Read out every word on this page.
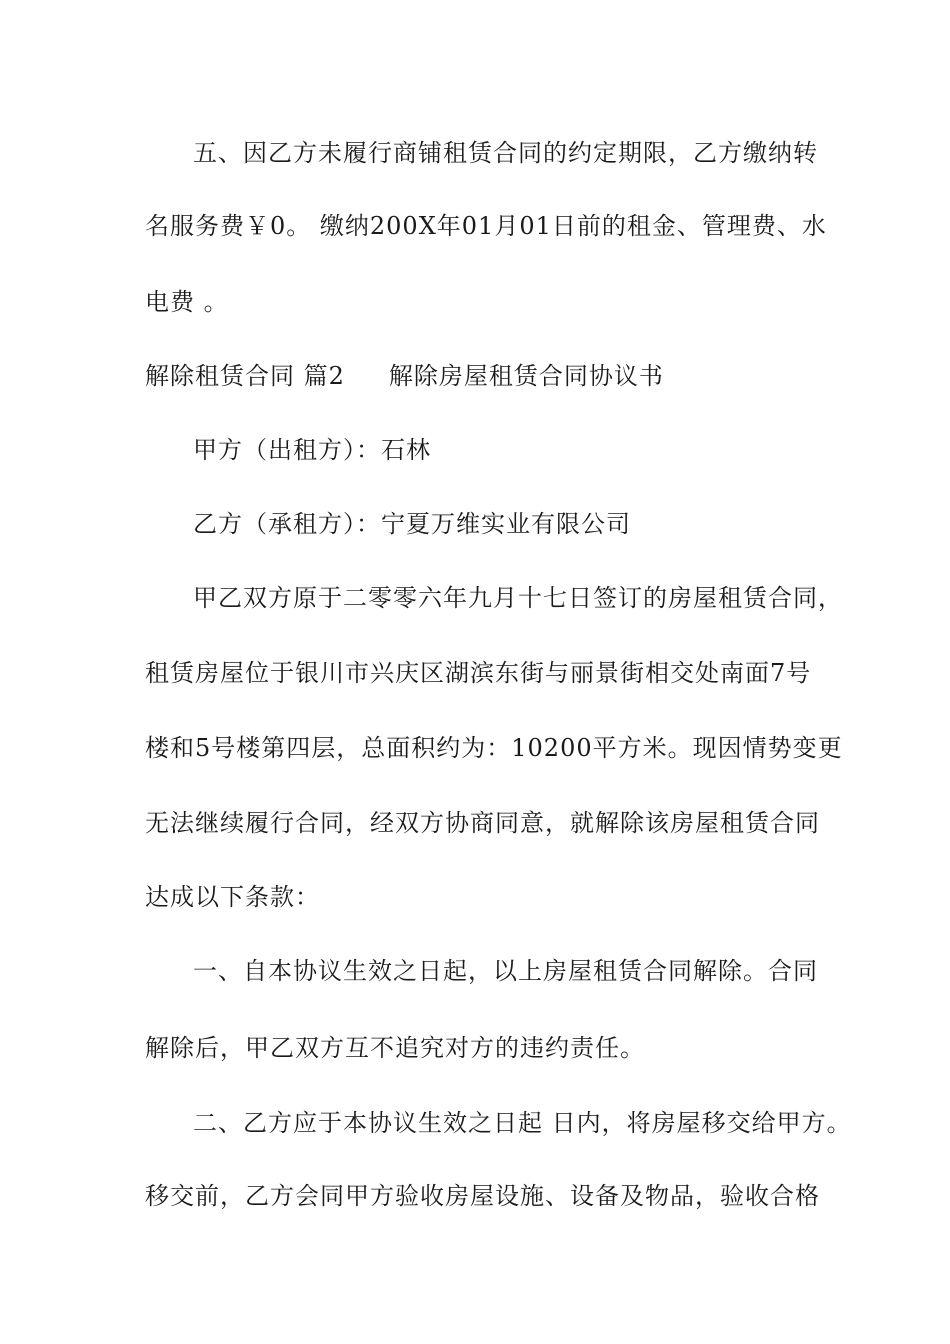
五、因乙方未履行商铺租赁合同的约定期限，乙方缴纳转
名服务费￥0。 缴纳200X年01月01日前的租金、管理费、水
电费 。
解除租赁合同 篇2 解除房屋租赁合同协议书
甲方（出租方）：石林
乙方（承租方）：宁夏万维实业有限公司
甲乙双方原于二零零六年九月十七日签订的房屋租赁合同，
租赁房屋位于银川市兴庆区湖滨东街与丽景街相交处南面7号
楼和5号楼第四层，总面积约为：10200平方米。现因情势变更
无法继续履行合同，经双方协商同意，就解除该房屋租赁合同
达成以下条款：
一、自本协议生效之日起，以上房屋租赁合同解除。合同
解除后，甲乙双方互不追究对方的违约责任。
二、乙方应于本协议生效之日起 日内，将房屋移交给甲方。
移交前，乙方会同甲方验收房屋设施、设备及物品，验收合格
